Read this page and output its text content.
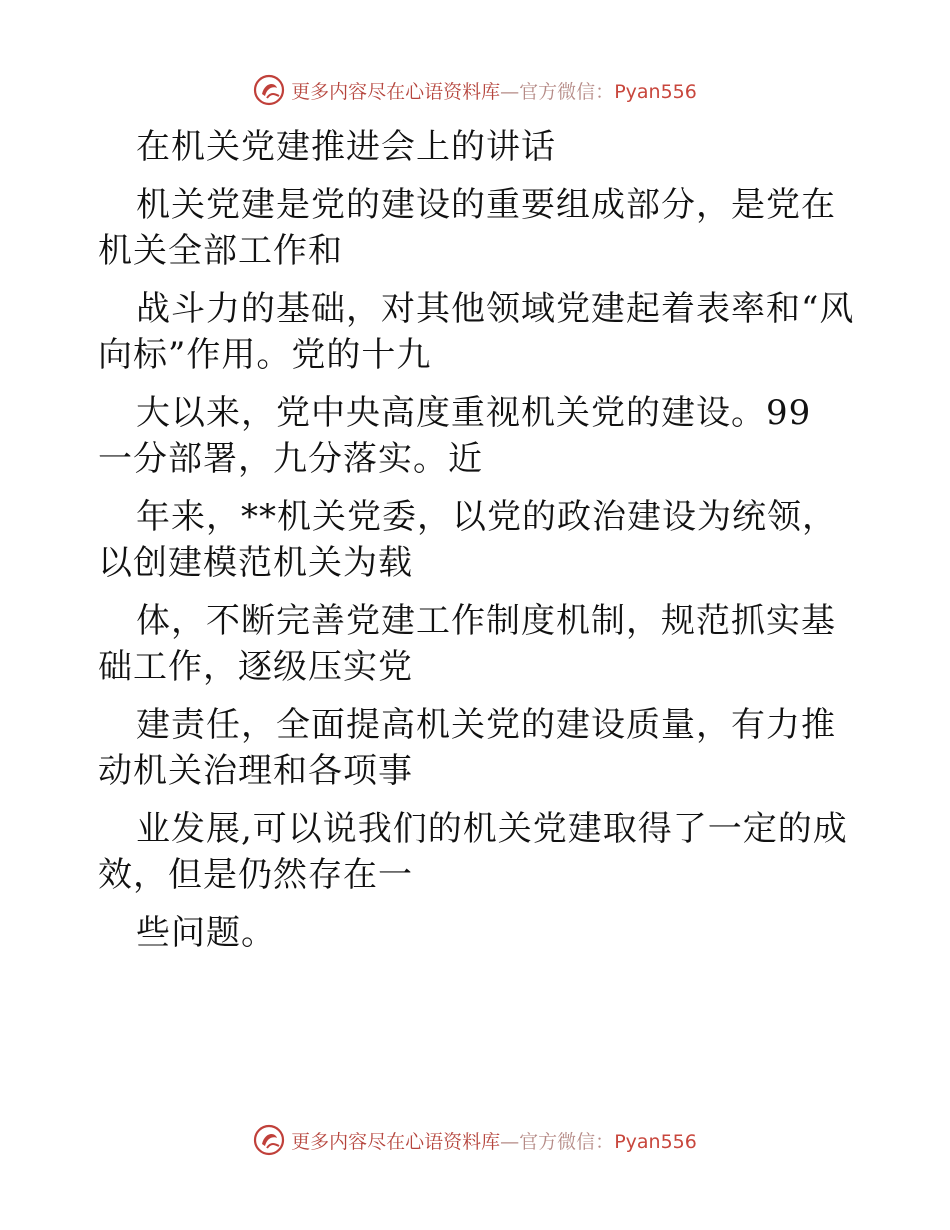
更多内容尽在心语资料库—官方微信：Pyan556

在机关党建推进会上的讲话

机关党建是党的建设的重要组成部分，是党在机关全部工作和

战斗力的基础，对其他领域党建起着表率和“风向标”作用。党的十九

大以来，党中央高度重视机关党的建设。99 一分部署，九分落实。近

年来，**机关党委，以党的政治建设为统领，以创建模范机关为载

体，不断完善党建工作制度机制，规范抓实基础工作，逐级压实党

建责任，全面提高机关党的建设质量，有力推动机关治理和各项事

业发展,可以说我们的机关党建取得了一定的成效，但是仍然存在一

些问题。

更多内容尽在心语资料库—官方微信：Pyan556
